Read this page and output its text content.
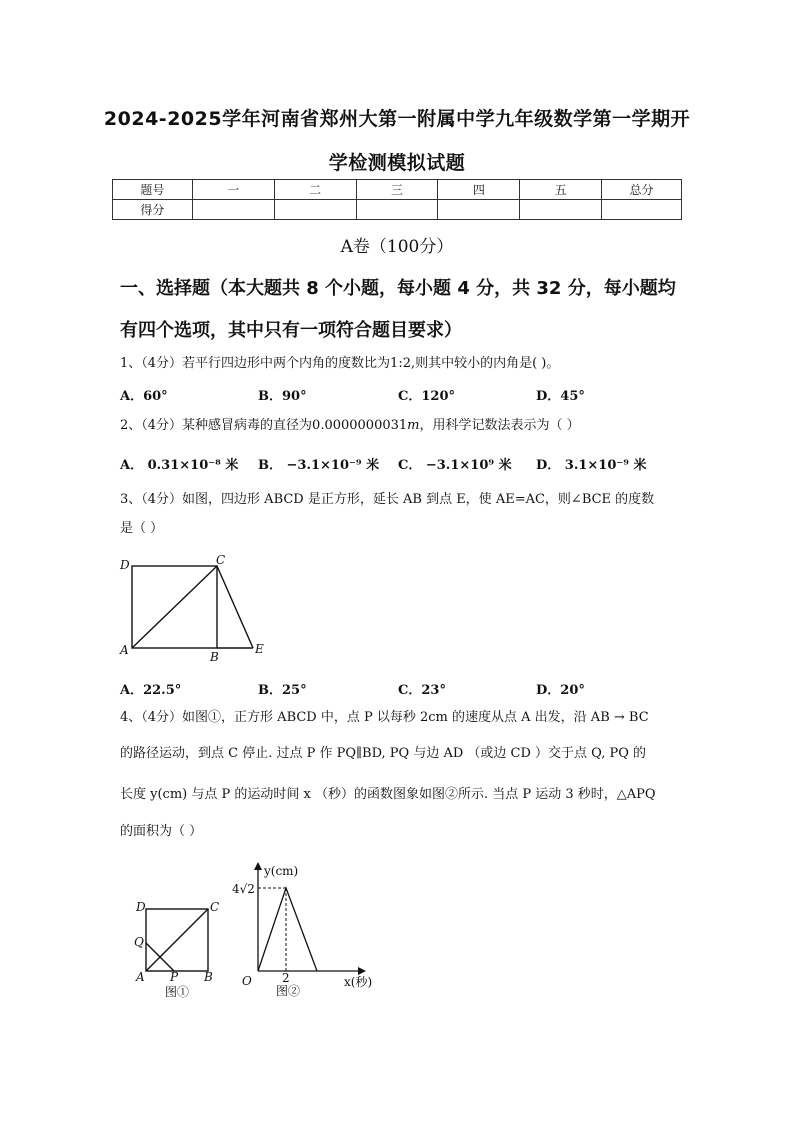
2024-2025学年河南省郑州大第一附属中学九年级数学第一学期开
学检测模拟试题
题号	一	二	三	四	五	总分
得分						
A卷（100分）
一、选择题（本大题共 8 个小题，每小题 4 分，共 32 分，每小题均
有四个选项，其中只有一项符合题目要求）
1、（4分）若平行四边形中两个内角的度数比为1:2,则其中较小的内角是( )。
A．60°	B．90°	C．120°	D．45°
2、（4分）某种感冒病毒的直径为0.0000000031m，用科学记数法表示为（ ）
A． 0.31×10⁻⁸ 米 B． −3.1×10⁻⁹ 米 C． −3.1×10⁹ 米 D． 3.1×10⁻⁹ 米
3、（4分）如图，四边形 ABCD 是正方形，延长 AB 到点 E，使 AE=AC，则∠BCE 的度数
是（ ）
D	C
A	B
E
A．22.5°	B．25°	C．23°	D．20°
4、（4分）如图①，正方形 ABCD 中，点 P 以每秒 2cm 的速度从点 A 出发，沿 AB → BC
的路径运动，到点 C 停止. 过点 P 作 PQ∥BD, PQ 与边 AD （或边 CD ）交于点 Q, PQ 的
长度 y(cm) 与点 P 的运动时间 x （秒）的函数图象如图②所示. 当点 P 运动 3 秒时，△APQ
的面积为（ ）
D	C
Q
A P B
图①
y(cm)
4√2
2
O	x(秒)
图②
